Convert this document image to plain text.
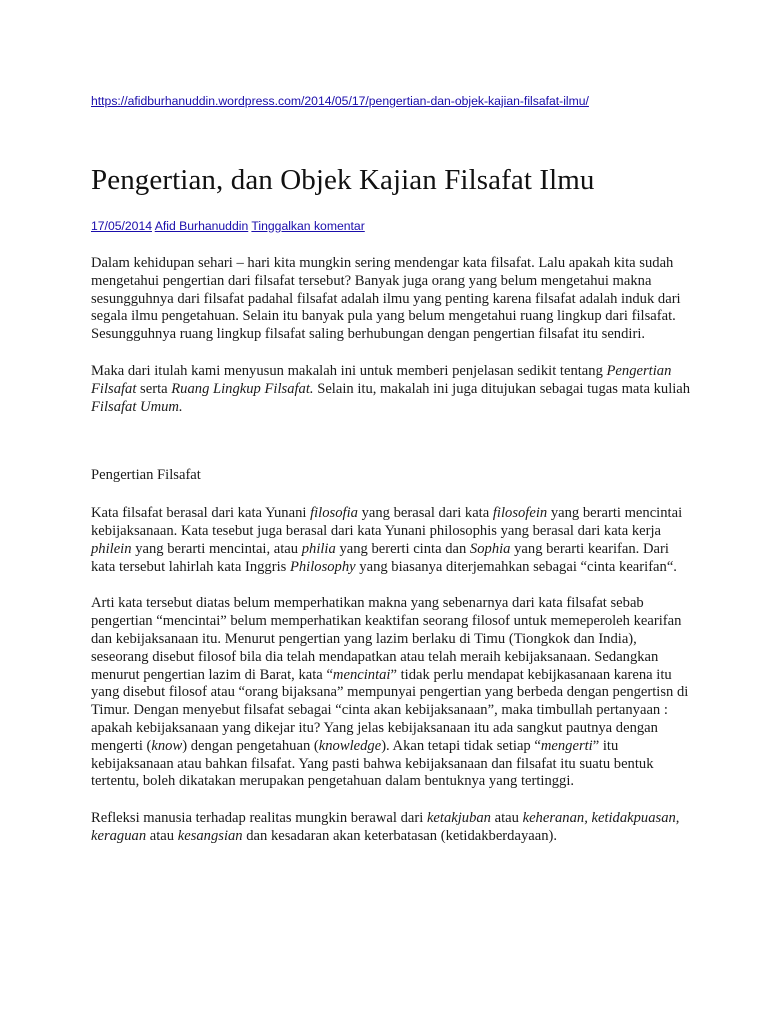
https://afidburhanuddin.wordpress.com/2014/05/17/pengertian-dan-objek-kajian-filsafat-ilmu/
Pengertian, dan Objek Kajian Filsafat Ilmu
17/05/2014 Afid Burhanuddin Tinggalkan komentar

Dalam kehidupan sehari – hari kita mungkin sering mendengar kata filsafat. Lalu apakah kita sudah mengetahui pengertian dari filsafat tersebut? Banyak juga orang yang belum mengetahui makna sesungguhnya dari filsafat padahal filsafat adalah ilmu yang penting karena filsafat adalah induk dari segala ilmu pengetahuan. Selain itu banyak pula yang belum mengetahui ruang lingkup dari filsafat. Sesungguhnya ruang lingkup filsafat saling berhubungan dengan pengertian filsafat itu sendiri.

Maka dari itulah kami menyusun makalah ini untuk memberi penjelasan sedikit tentang Pengertian Filsafat serta Ruang Lingkup Filsafat. Selain itu, makalah ini juga ditujukan sebagai tugas mata kuliah Filsafat Umum.

Pengertian Filsafat

Kata filsafat berasal dari kata Yunani filosofia yang berasal dari kata filosofein yang berarti mencintai kebijaksanaan. Kata tesebut juga berasal dari kata Yunani philosophis yang berasal dari kata kerja philein yang berarti mencintai, atau philia yang bererti cinta dan Sophia yang berarti kearifan. Dari kata tersebut lahirlah kata Inggris Philosophy yang biasanya diterjemahkan sebagai “cinta kearifan“.

Arti kata tersebut diatas belum memperhatikan makna yang sebenarnya dari kata filsafat sebab pengertian “mencintai” belum memperhatikan keaktifan seorang filosof untuk memeperoleh kearifan dan kebijaksanaan itu. Menurut pengertian yang lazim berlaku di Timu (Tiongkok dan India), seseorang disebut filosof bila dia telah mendapatkan atau telah meraih kebijaksanaan. Sedangkan menurut pengertian lazim di Barat, kata “mencintai” tidak perlu mendapat kebijkasanaan karena itu yang disebut filosof atau “orang bijaksana” mempunyai pengertian yang berbeda dengan pengertisn di Timur. Dengan menyebut filsafat sebagai “cinta akan kebijaksanaan”, maka timbullah pertanyaan : apakah kebijaksanaan yang dikejar itu? Yang jelas kebijaksanaan itu ada sangkut pautnya dengan mengerti (know) dengan pengetahuan (knowledge). Akan tetapi tidak setiap “mengerti” itu kebijaksanaan atau bahkan filsafat. Yang pasti bahwa kebijaksanaan dan filsafat itu suatu bentuk tertentu, boleh dikatakan merupakan pengetahuan dalam bentuknya yang tertinggi.

Refleksi manusia terhadap realitas mungkin berawal dari ketakjuban atau keheranan, ketidakpuasan, keraguan atau kesangsian dan kesadaran akan keterbatasan (ketidakberdayaan).
